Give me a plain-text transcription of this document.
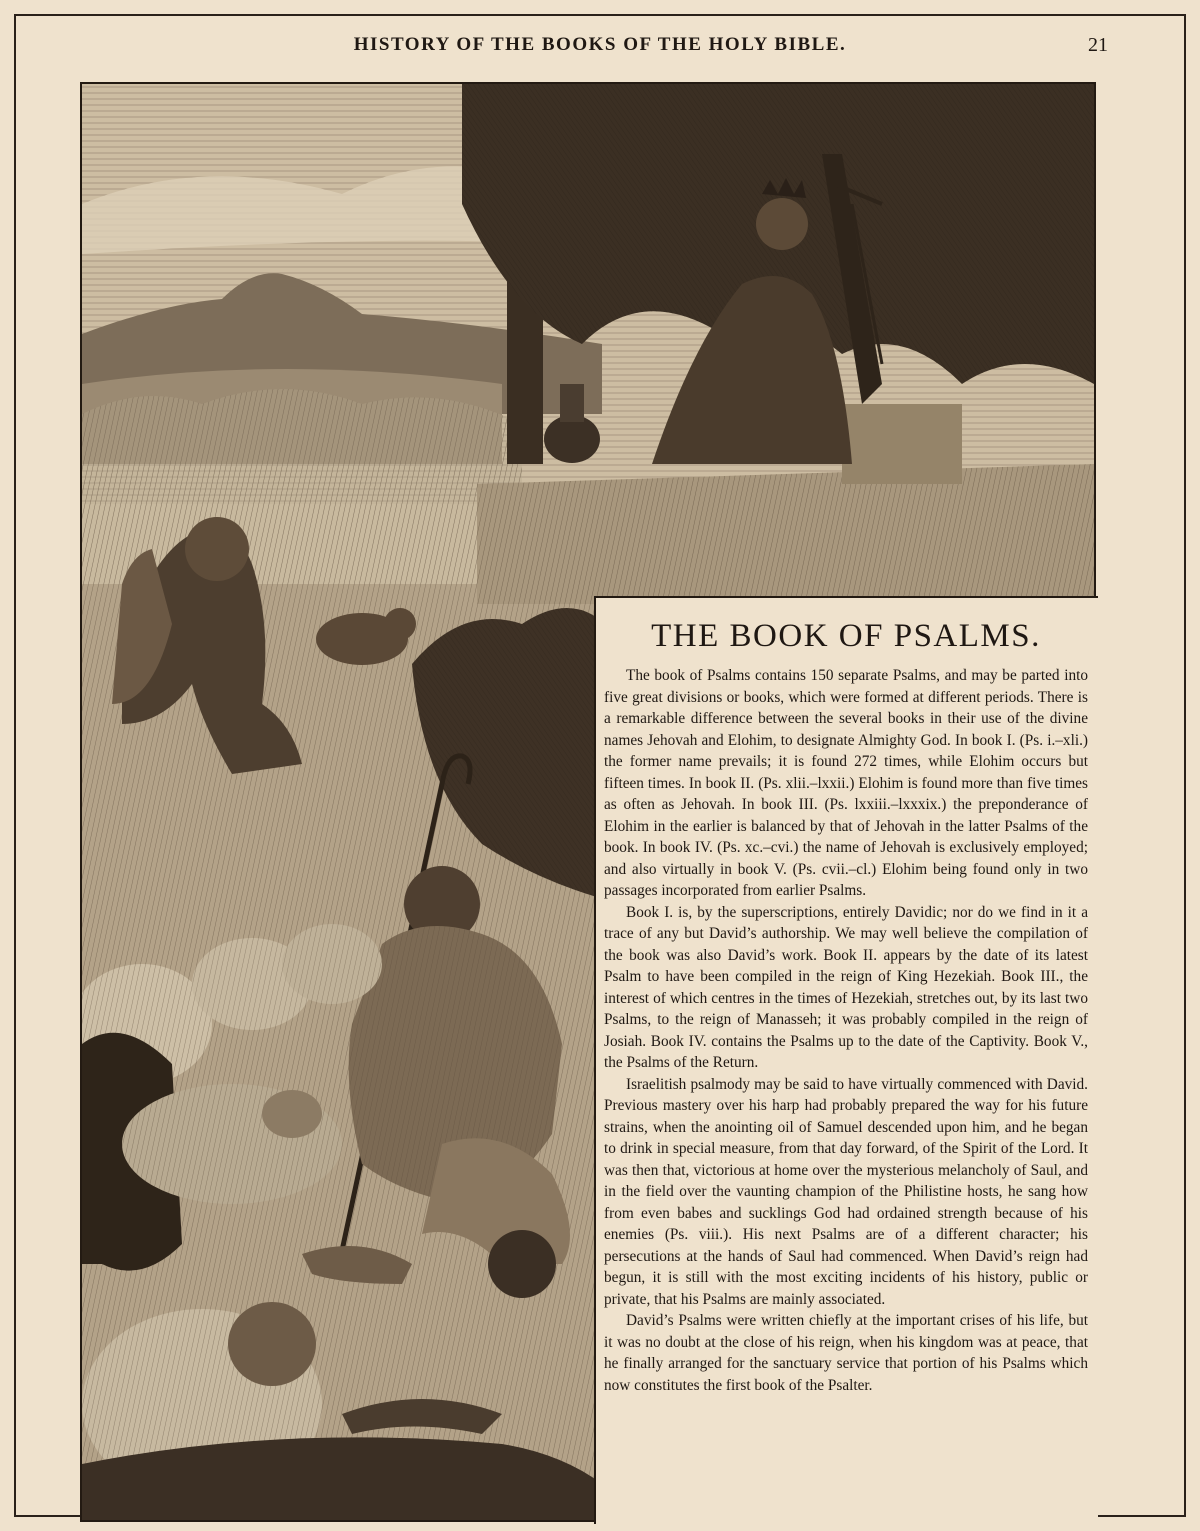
HISTORY OF THE BOOKS OF THE HOLY BIBLE.	21
THE BOOK OF PSALMS.

The book of Psalms contains 150 separate Psalms, and may be parted into five great divisions or books, which were formed at different periods. There is a remarkable difference between the several books in their use of the divine names Jehovah and Elohim, to designate Almighty God. In book I. (Ps. i.–xli.) the former name prevails; it is found 272 times, while Elohim occurs but fifteen times. In book II. (Ps. xlii.–lxxii.) Elohim is found more than five times as often as Jehovah. In book III. (Ps. lxxiii.–lxxxix.) the preponderance of Elohim in the earlier is balanced by that of Jehovah in the latter Psalms of the book. In book IV. (Ps. xc.–cvi.) the name of Jehovah is exclusively employed; and also virtually in book V. (Ps. cvii.–cl.) Elohim being found only in two passages incorporated from earlier Psalms.

Book I. is, by the superscriptions, entirely Davidic; nor do we find in it a trace of any but David’s authorship. We may well believe the compilation of the book was also David’s work. Book II. appears by the date of its latest Psalm to have been compiled in the reign of King Hezekiah. Book III., the interest of which centres in the times of Hezekiah, stretches out, by its last two Psalms, to the reign of Manasseh; it was probably compiled in the reign of Josiah. Book IV. contains the Psalms up to the date of the Captivity. Book V., the Psalms of the Return.

Israelitish psalmody may be said to have virtually commenced with David. Previous mastery over his harp had probably prepared the way for his future strains, when the anointing oil of Samuel descended upon him, and he began to drink in special measure, from that day forward, of the Spirit of the Lord. It was then that, victorious at home over the mysterious melancholy of Saul, and in the field over the vaunting champion of the Philistine hosts, he sang how from even babes and sucklings God had ordained strength because of his enemies (Ps. viii.). His next Psalms are of a different character; his persecutions at the hands of Saul had commenced. When David’s reign had begun, it is still with the most exciting incidents of his history, public or private, that his Psalms are mainly associated.

David’s Psalms were written chiefly at the important crises of his life, but it was no doubt at the close of his reign, when his kingdom was at peace, that he finally arranged for the sanctuary service that portion of his Psalms which now constitutes the first book of the Psalter.
